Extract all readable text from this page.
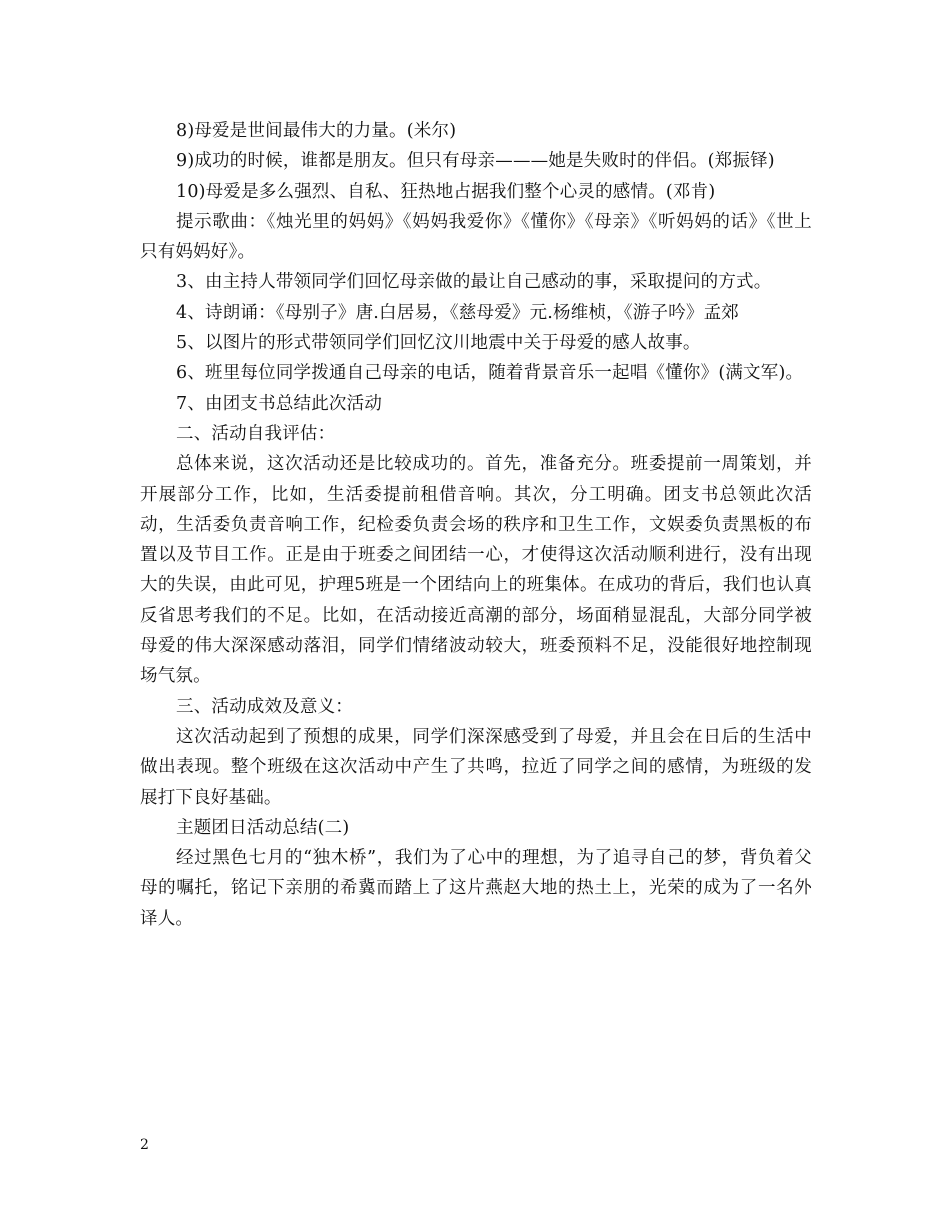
8)母爱是世间最伟大的力量。(米尔)

9)成功的时候，谁都是朋友。但只有母亲———她是失败时的伴侣。(郑振铎)

10)母爱是多么强烈、自私、狂热地占据我们整个心灵的感情。(邓肯)

提示歌曲：《烛光里的妈妈》《妈妈我爱你》《懂你》《母亲》《听妈妈的话》《世上只有妈妈好》。

3、由主持人带领同学们回忆母亲做的最让自己感动的事，采取提问的方式。

4、诗朗诵：《母别子》唐.白居易，《慈母爱》元.杨维桢，《游子吟》孟郊

5、以图片的形式带领同学们回忆汶川地震中关于母爱的感人故事。

6、班里每位同学拨通自己母亲的电话，随着背景音乐一起唱《懂你》(满文军)。

7、由团支书总结此次活动

二、活动自我评估：

总体来说，这次活动还是比较成功的。首先，准备充分。班委提前一周策划，并开展部分工作，比如，生活委提前租借音响。其次，分工明确。团支书总领此次活动，生活委负责音响工作，纪检委负责会场的秩序和卫生工作，文娱委负责黑板的布置以及节目工作。正是由于班委之间团结一心，才使得这次活动顺利进行，没有出现大的失误，由此可见，护理5班是一个团结向上的班集体。在成功的背后，我们也认真反省思考我们的不足。比如，在活动接近高潮的部分，场面稍显混乱，大部分同学被母爱的伟大深深感动落泪，同学们情绪波动较大，班委预料不足，没能很好地控制现场气氛。

三、活动成效及意义：

这次活动起到了预想的成果，同学们深深感受到了母爱，并且会在日后的生活中做出表现。整个班级在这次活动中产生了共鸣，拉近了同学之间的感情，为班级的发展打下良好基础。

主题团日活动总结(二)

经过黑色七月的“独木桥”，我们为了心中的理想，为了追寻自己的梦，背负着父母的嘱托，铭记下亲朋的希冀而踏上了这片燕赵大地的热土上，光荣的成为了一名外译人。

2
